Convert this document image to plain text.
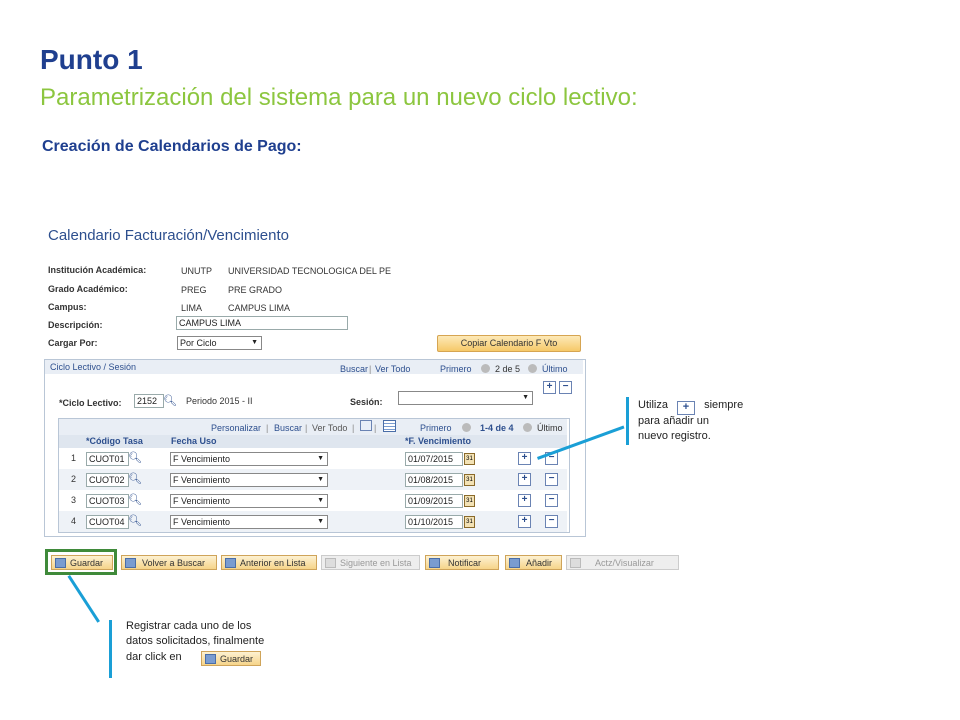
Punto 1
Parametrización del sistema para un nuevo ciclo lectivo:
Creación de Calendarios de Pago:
Calendario Facturación/Vencimiento
Institución Académica:	UNUTP UNIVERSIDAD TECNOLOGICA DEL PE
Grado Académico:	PREG PRE GRADO
Campus:	LIMA	CAMPUS LIMA
Descripción:	CAMPUS LIMA
Cargar Por:	Por Ciclo	▼	Copiar Calendario F Vto
Ciclo Lectivo / Sesión	Buscar | Ver Todo	Primero	2 de 5 Último
+	−
*Ciclo Lectivo:	2152 🔍︎ Periodo 2015 - II	Sesión:	▼
Personalizar | Buscar | Ver Todo | |	Primero	1-4 de 4	Último
*Código Tasa	Fecha Uso	*F. Vencimiento
1	CUOT01 🔍︎	F Vencimiento	▼	01/07/2015	31	+	−
2	CUOT02 🔍︎	F Vencimiento	▼	01/08/2015	31	+	−
3	CUOT03 🔍︎	F Vencimiento	▼	01/09/2015	31	+	−
4	CUOT04 🔍︎	F Vencimiento	▼	01/10/2015	31	+	−
Guardar	Volver a Buscar	Anterior en Lista	Siguiente en Lista	Notificar	Añadir	Actz/Visualizar
Utiliza + siempre
para añadir un
nuevo registro.
Registrar cada uno de los
datos solicitados, finalmente
dar click en	Guardar
